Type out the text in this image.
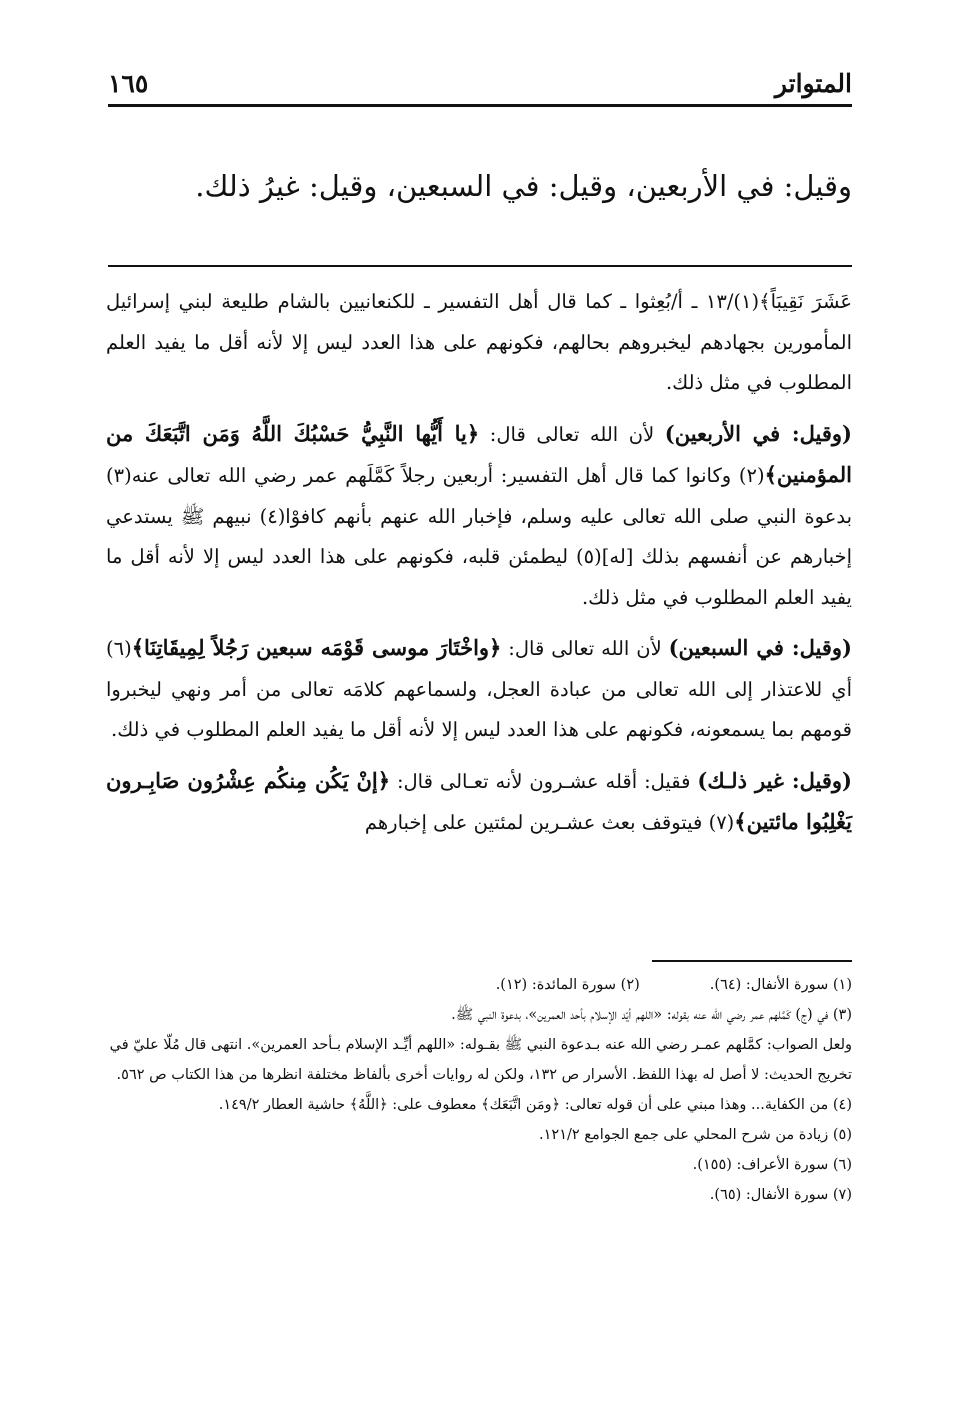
المتواتر
١٦٥
وقيل: في الأربعين، وقيل: في السبعين، وقيل: غيرُ ذلك.

عَشَرَ نَقِيبَاً﴾(١)/١٣ ـ أ/بُعِثوا ـ كما قال أهل التفسير ـ للكنعانيين بالشام طليعة لبني إسرائيل المأمورين بجهادهم ليخبروهم بحالهم، فكونهم على هذا العدد ليس إلا لأنه أقل ما يفيد العلم المطلوب في مثل ذلك.

(وقيل: في الأربعين) لأن الله تعالى قال: ﴿يا أَيُّها النَّبِيُّ حَسْبُكَ اللَّهُ وَمَن اتَّبَعَكَ من المؤمنين﴾(٢) وكانوا كما قال أهل التفسير: أربعين رجلاً كَمَّلَهم عمر رضي الله تعالى عنه(٣) بدعوة النبي صلى الله تعالى عليه وسلم، فإخبار الله عنهم بأنهم كافوْا(٤) نبيهم ﷺ يستدعي إخبارهم عن أنفسهم بذلك [له](٥) ليطمئن قلبه، فكونهم على هذا العدد ليس إلا لأنه أقل ما يفيد العلم المطلوب في مثل ذلك.

(وقيل: في السبعين) لأن الله تعالى قال: ﴿واخْتَارَ موسى قَوْمَه سبعين رَجُلاً لِمِيقَاتِنَا﴾(٦) أي للاعتذار إلى الله تعالى من عبادة العجل، ولسماعهم كلامَه تعالى من أمر ونهي ليخبروا قومهم بما يسمعونه، فكونهم على هذا العدد ليس إلا لأنه أقل ما يفيد العلم المطلوب في ذلك.

(وقيل: غير ذلـك) فقيل: أقله عشـرون لأنه تعـالى قال: ﴿إنْ يَكُن مِنكُم عِشْرُون صَابِـرون يَغْلِبُوا مائتين﴾(٧) فيتوقف بعث عشـرين لمئتين على إخبارهم

(١) سورة الأنفال: (٦٤).
(٢) سورة المائدة: (١٢).
(٣) في (ج) كَمَّلهم عمر رضي الله عنه بقوله: «اللهم أيّد الإسلام بأحد العمرين»، بدعوة النبي ﷺ.
ولعل الصواب: كمَّلهم عمـر رضي الله عنه بـدعوة النبي ﷺ بقـوله: «اللهم أيِّـد الإسلام بـأحد العمرين». انتهى قال مُلّا عليّ في تخريج الحديث: لا أصل له بهذا اللفظ. الأسرار ص ١٣٢، ولكن له روايات أخرى بألفاظ مختلفة انظرها من هذا الكتاب ص ٥٦٢.
(٤) من الكفاية... وهذا مبني على أن قوله تعالى: ﴿ومَن اتَّبَعَك﴾ معطوف على: ﴿اللَّهُ﴾ حاشية العطار ١٤٩/٢.
(٥) زيادة من شرح المحلي على جمع الجوامع ١٢١/٢.
(٦) سورة الأعراف: (١٥٥).
(٧) سورة الأنفال: (٦٥).
